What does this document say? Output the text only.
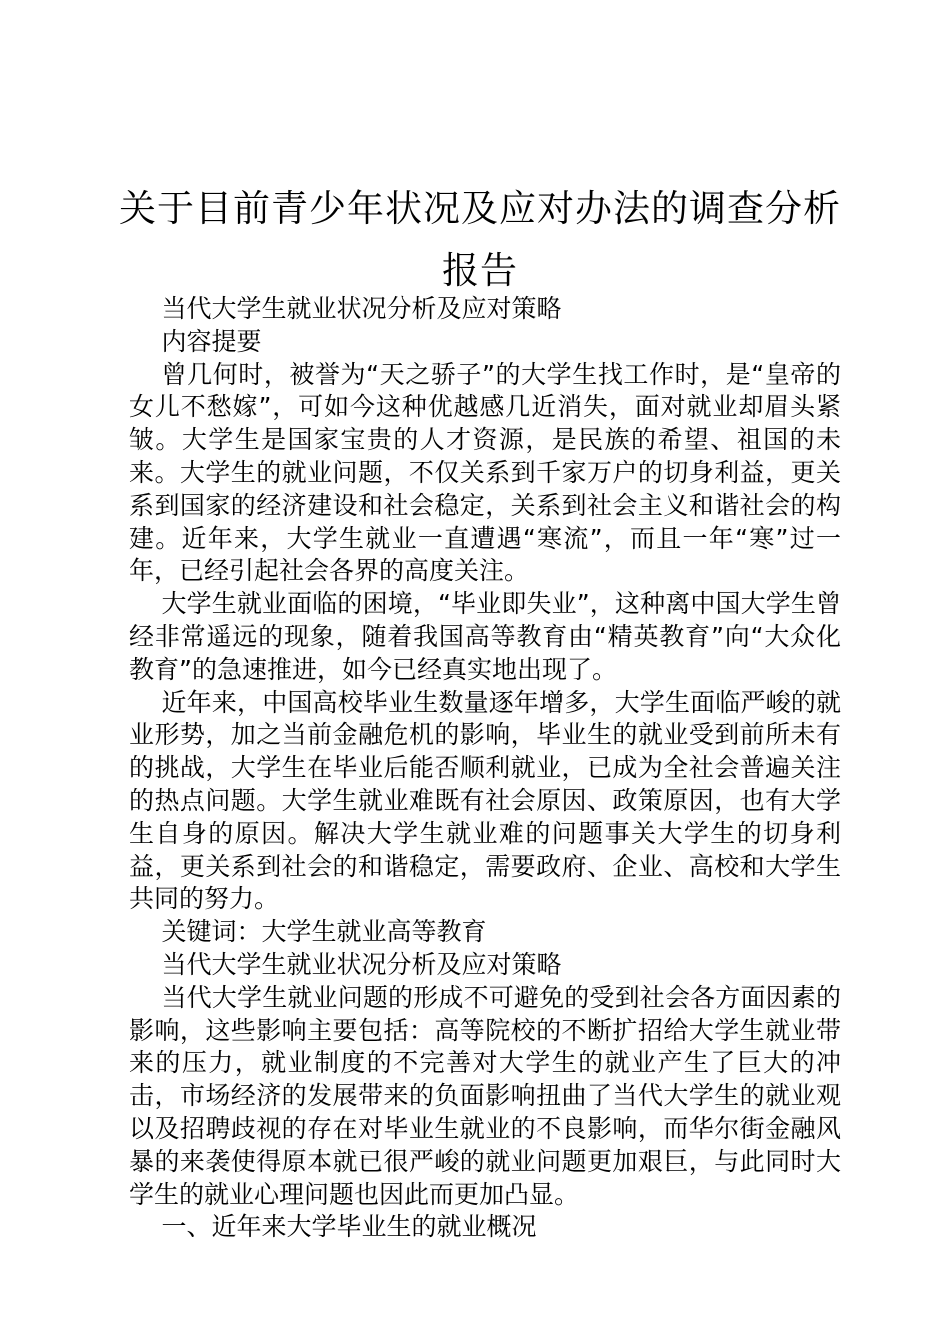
关于目前青少年状况及应对办法的调查分析报告

当代大学生就业状况分析及应对策略

内容提要

曾几何时，被誉为“天之骄子”的大学生找工作时，是“皇帝的女儿不愁嫁”，可如今这种优越感几近消失，面对就业却眉头紧皱。大学生是国家宝贵的人才资源，是民族的希望、祖国的未来。大学生的就业问题，不仅关系到千家万户的切身利益，更关系到国家的经济建设和社会稳定，关系到社会主义和谐社会的构建。近年来，大学生就业一直遭遇“寒流”，而且一年“寒”过一年，已经引起社会各界的高度关注。

大学生就业面临的困境，“毕业即失业”，这种离中国大学生曾经非常遥远的现象，随着我国高等教育由“精英教育”向“大众化教育”的急速推进，如今已经真实地出现了。

近年来，中国高校毕业生数量逐年增多，大学生面临严峻的就业形势，加之当前金融危机的影响，毕业生的就业受到前所未有的挑战，大学生在毕业后能否顺利就业，已成为全社会普遍关注的热点问题。大学生就业难既有社会原因、政策原因，也有大学生自身的原因。解决大学生就业难的问题事关大学生的切身利益，更关系到社会的和谐稳定，需要政府、企业、高校和大学生共同的努力。

关键词：大学生就业高等教育

当代大学生就业状况分析及应对策略

当代大学生就业问题的形成不可避免的受到社会各方面因素的影响，这些影响主要包括：高等院校的不断扩招给大学生就业带来的压力，就业制度的不完善对大学生的就业产生了巨大的冲击，市场经济的发展带来的负面影响扭曲了当代大学生的就业观以及招聘歧视的存在对毕业生就业的不良影响，而华尔街金融风暴的来袭使得原本就已很严峻的就业问题更加艰巨，与此同时大学生的就业心理问题也因此而更加凸显。

一、近年来大学毕业生的就业概况
